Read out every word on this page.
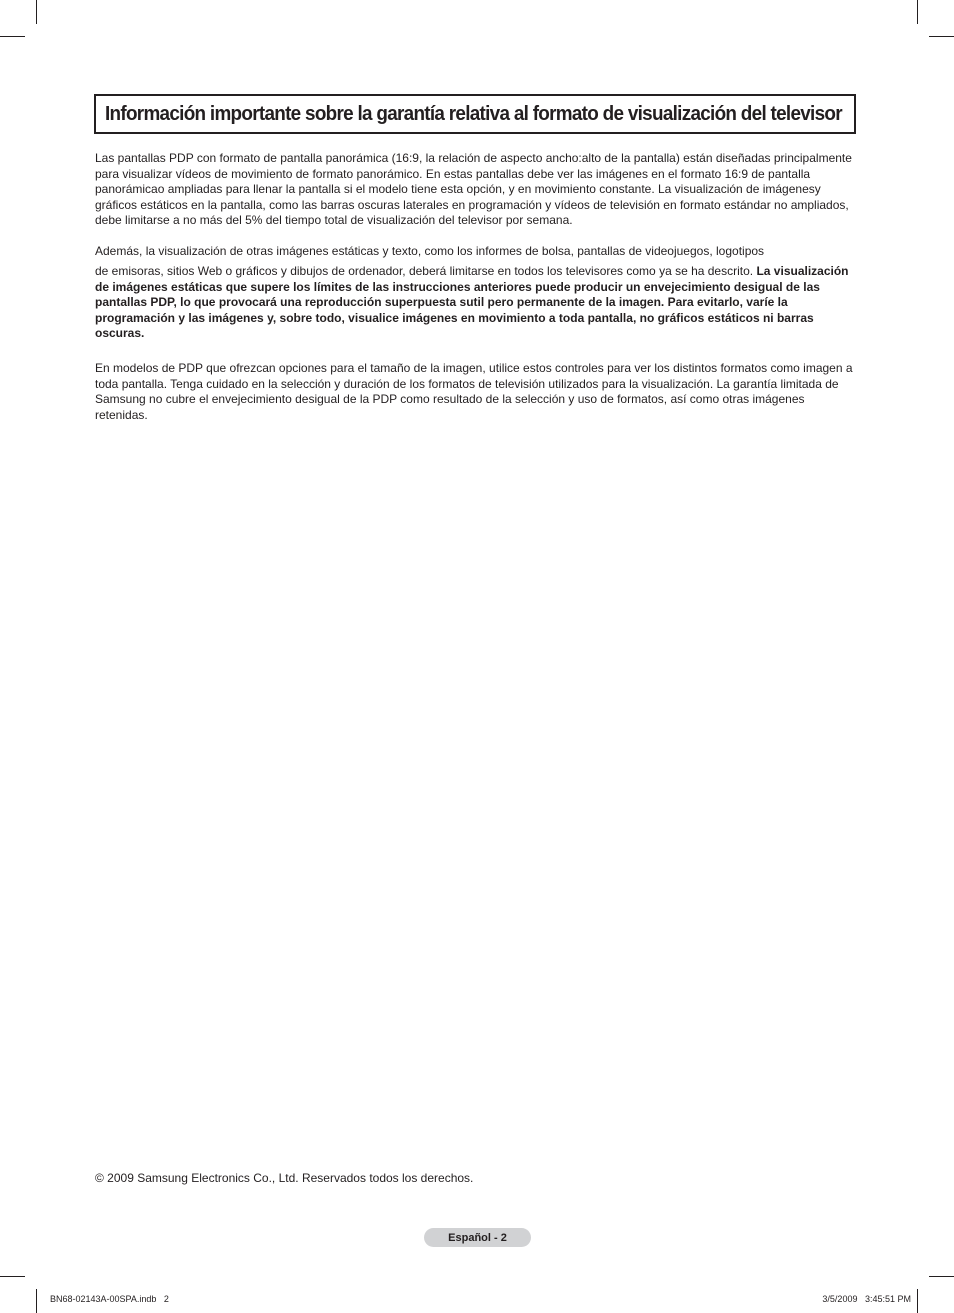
Información importante sobre la garantía relativa al formato de visualización del televisor

Las pantallas PDP con formato de pantalla panorámica (16:9, la relación de aspecto ancho:alto de la pantalla) están diseñadas principalmente para visualizar vídeos de movimiento de formato panorámico. En estas pantallas debe ver las imágenes en el formato 16:9 de pantalla panorámicao ampliadas para llenar la pantalla si el modelo tiene esta opción, y en movimiento constante. La visualización de imágenesy gráficos estáticos en la pantalla, como las barras oscuras laterales en programación y vídeos de televisión en formato estándar no ampliados, debe limitarse a no más del 5% del tiempo total de visualización del televisor por semana.

Además, la visualización de otras imágenes estáticas y texto, como los informes de bolsa, pantallas de videojuegos, logotipos

de emisoras, sitios Web o gráficos y dibujos de ordenador, deberá limitarse en todos los televisores como ya se ha descrito. La visualización de imágenes estáticas que supere los límites de las instrucciones anteriores puede producir un envejecimiento desigual de las pantallas PDP, lo que provocará una reproducción superpuesta sutil pero permanente de la imagen. Para evitarlo, varíe la programación y las imágenes y, sobre todo, visualice imágenes en movimiento a toda pantalla, no gráficos estáticos ni barras oscuras.

En modelos de PDP que ofrezcan opciones para el tamaño de la imagen, utilice estos controles para ver los distintos formatos como imagen a toda pantalla. Tenga cuidado en la selección y duración de los formatos de televisión utilizados para la visualización. La garantía limitada de Samsung no cubre el envejecimiento desigual de la PDP como resultado de la selección y uso de formatos, así como otras imágenes retenidas.

© 2009 Samsung Electronics Co., Ltd. Reservados todos los derechos.
Español - 2
BN68-02143A-00SPA.indb   2	3/5/2009   3:45:51 PM
